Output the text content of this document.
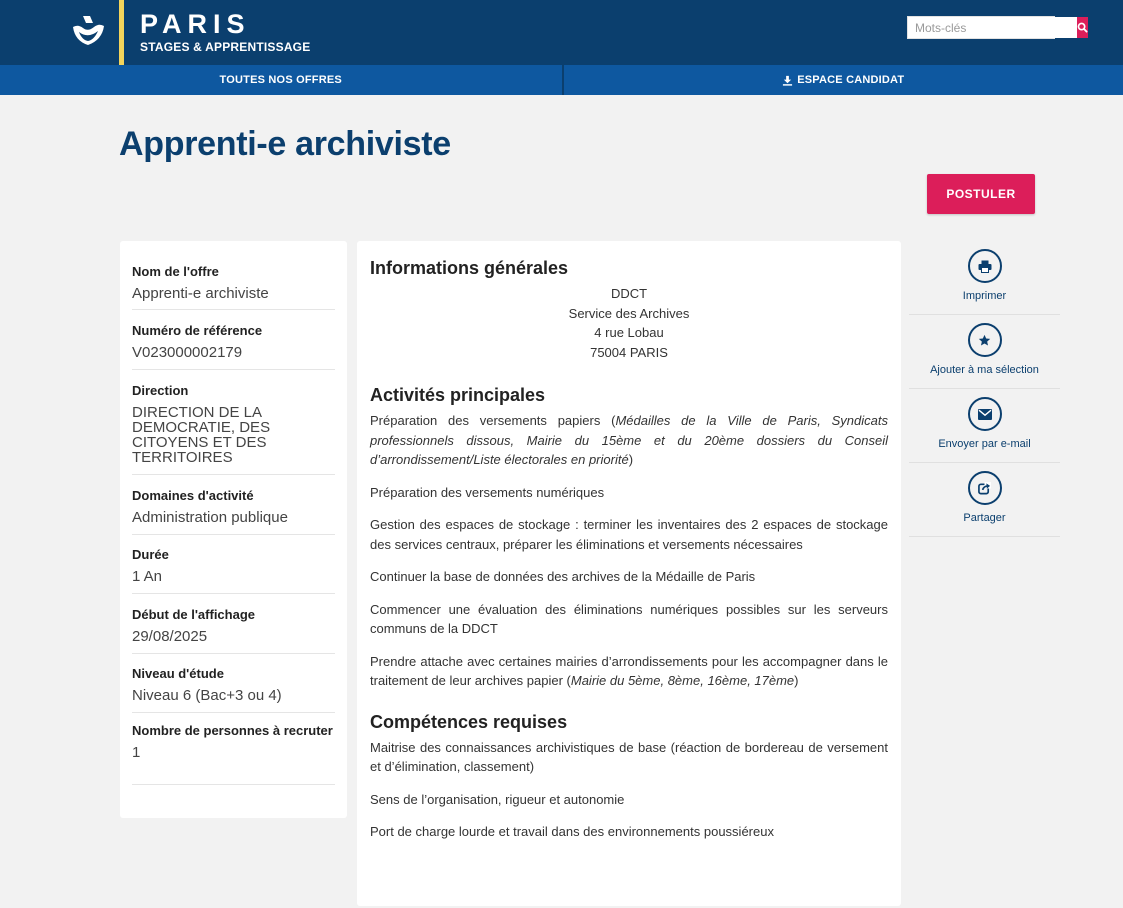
PARIS
STAGES & APPRENTISSAGE
Mots-clés
TOUTES NOS OFFRES	ESPACE CANDIDAT
Apprenti-e archiviste
POSTULER
Nom de l'offre
Apprenti-e archiviste
Numéro de référence
V023000002179
Direction
DIRECTION DE LA DEMOCRATIE, DES CITOYENS ET DES TERRITOIRES
Domaines d'activité
Administration publique
Durée
1 An
Début de l'affichage
29/08/2025
Niveau d'étude
Niveau 6 (Bac+3 ou 4)
Nombre de personnes à recruter
1
Informations générales
DDCT
Service des Archives
4 rue Lobau
75004 PARIS
Activités principales

Préparation des versements papiers (Médailles de la Ville de Paris, Syndicats professionnels dissous, Mairie du 15ème et du 20ème dossiers du Conseil d’arrondissement/Liste électorales en priorité)

Préparation des versements numériques

Gestion des espaces de stockage : terminer les inventaires des 2 espaces de stockage des services centraux, préparer les éliminations et versements nécessaires

Continuer la base de données des archives de la Médaille de Paris

Commencer une évaluation des éliminations numériques possibles sur les serveurs communs de la DDCT

Prendre attache avec certaines mairies d’arrondissements pour les accompagner dans le traitement de leur archives papier (Mairie du 5ème, 8ème, 16ème, 17ème)

Compétences requises

Maitrise des connaissances archivistiques de base (réaction de bordereau de versement et d’élimination, classement)

Sens de l’organisation, rigueur et autonomie

Port de charge lourde et travail dans des environnements poussiéreux

Imprimer
Ajouter à ma sélection
Envoyer par e-mail
Partager
